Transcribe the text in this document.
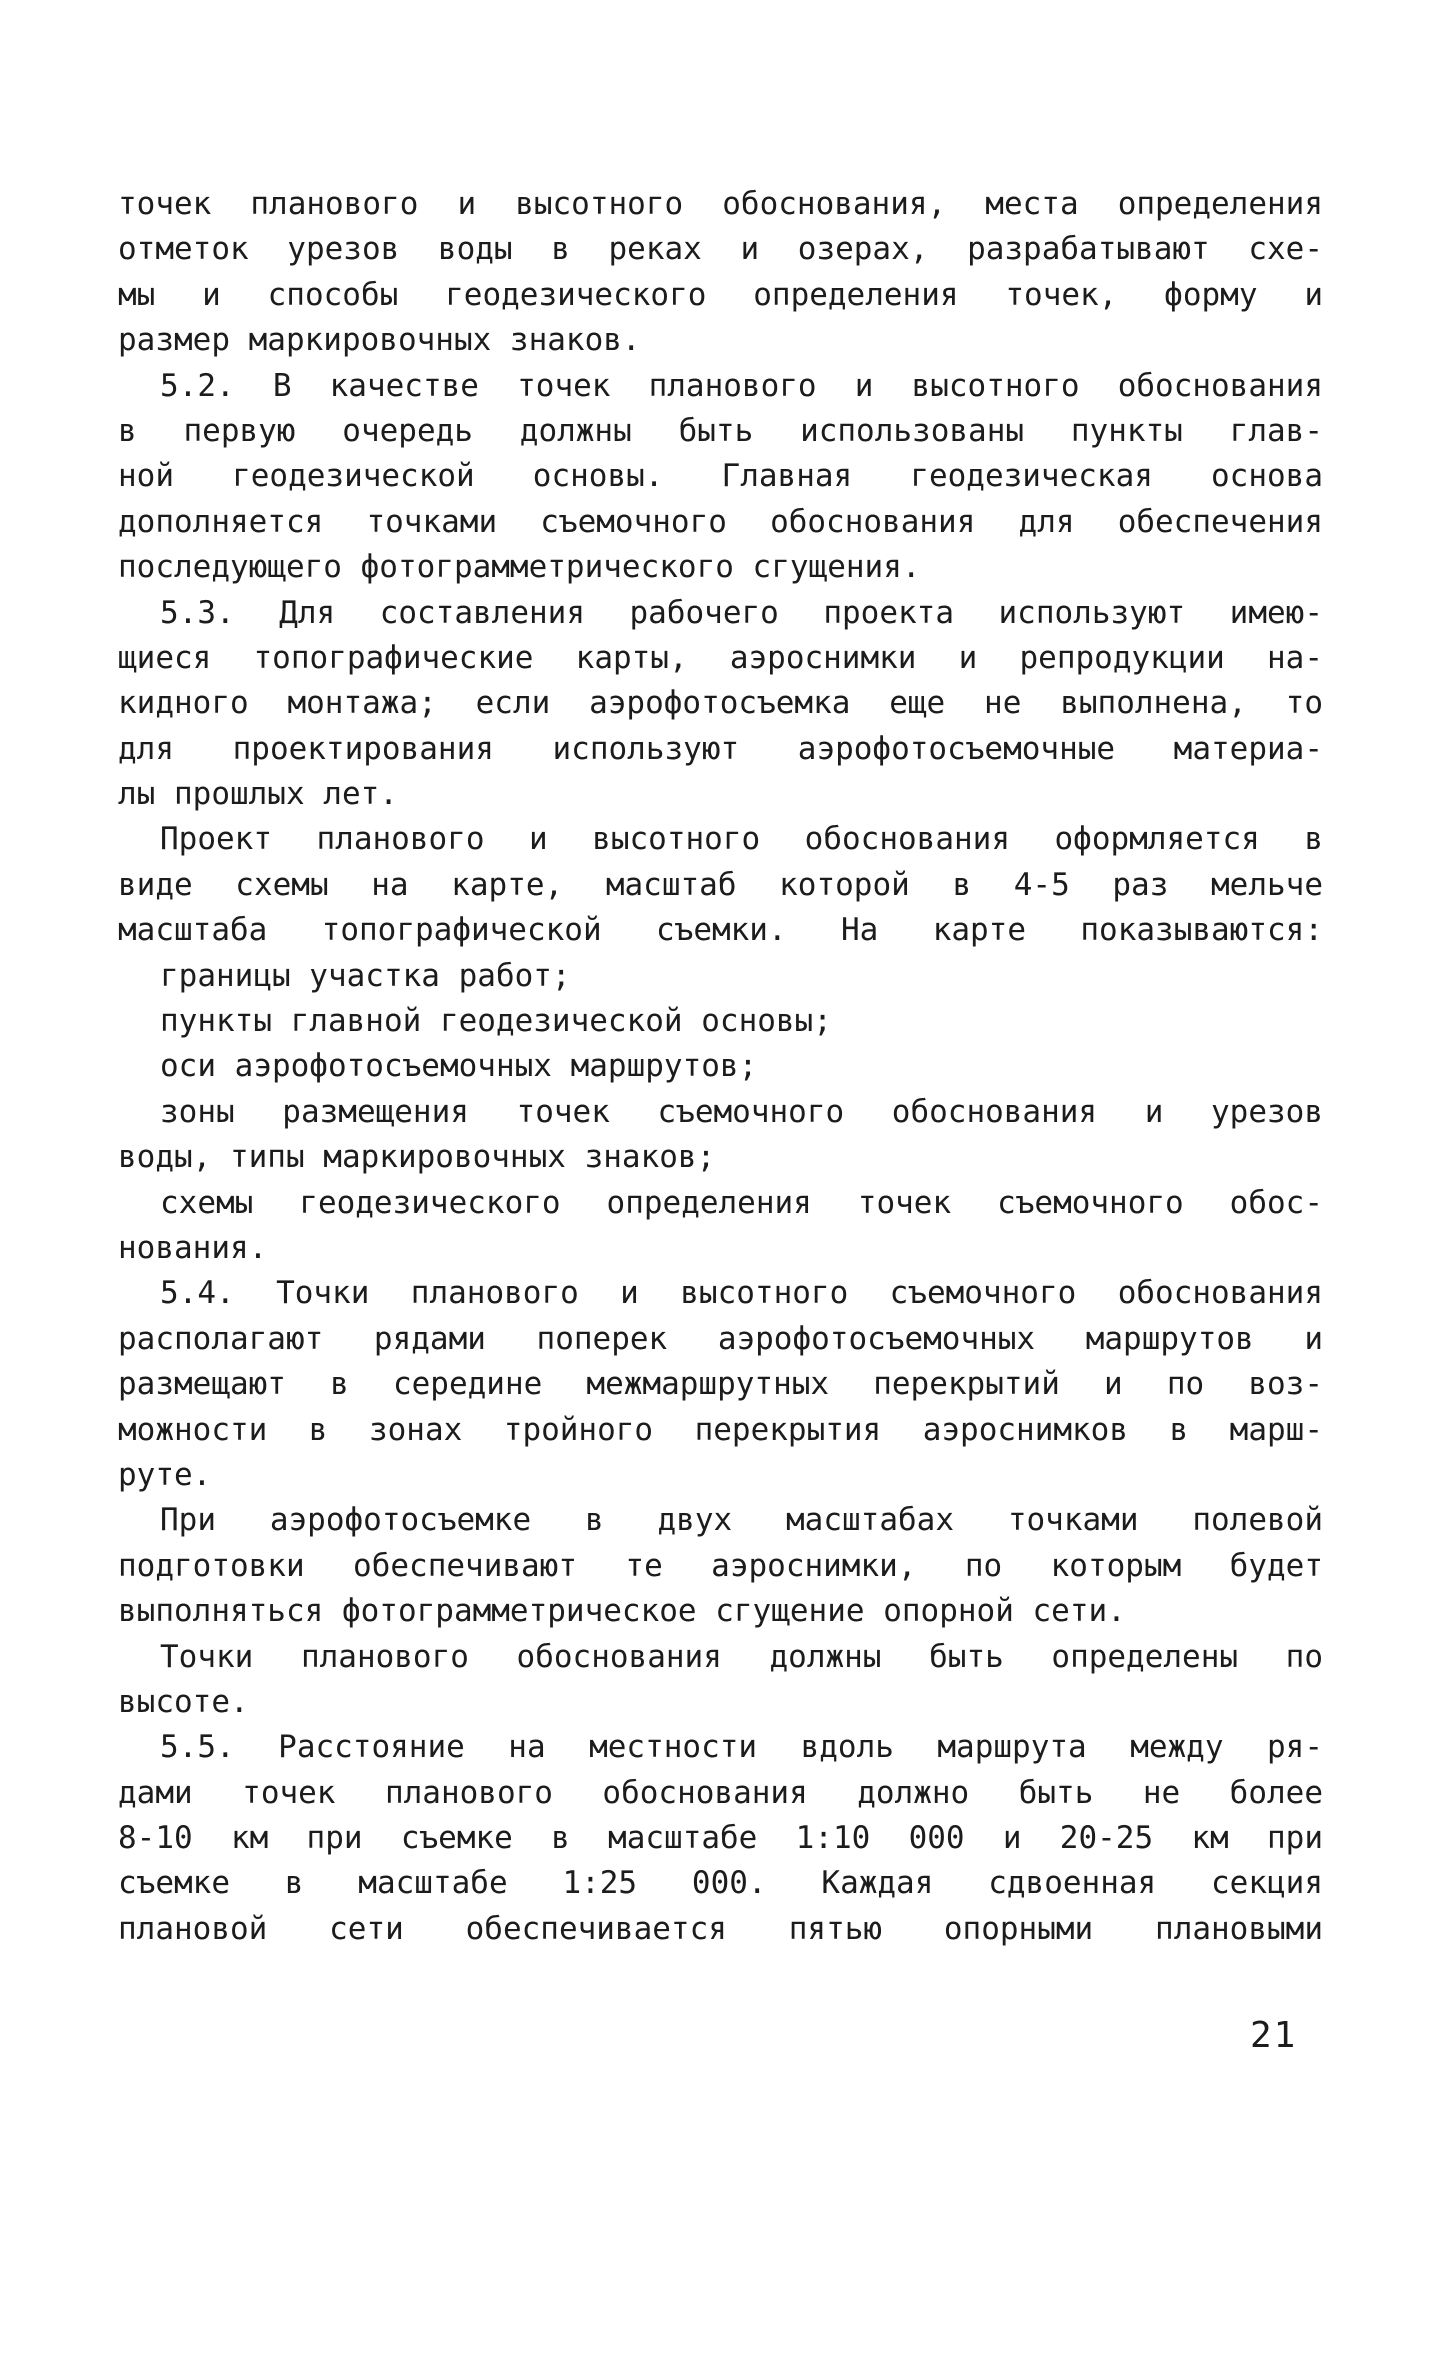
точек планового и высотного обоснования, места определения
отметок урезов воды в реках и озерах, разрабатывают схе-
мы и способы геодезического определения точек, форму и
размер маркировочных знаков.
5.2. В качестве точек планового и высотного обоснования
в первую очередь должны быть использованы пункты глав-
ной геодезической основы. Главная геодезическая основа
дополняется точками съемочного обоснования для обеспечения
последующего фотограмметрического сгущения.
5.3. Для составления рабочего проекта используют имею-
щиеся топографические карты, аэроснимки и репродукции на-
кидного монтажа; если аэрофотосъемка еще не выполнена, то
для проектирования используют аэрофотосъемочные материа-
лы прошлых лет.
Проект планового и высотного обоснования оформляется в
виде схемы на карте, масштаб которой в 4-5 раз мельче
масштаба топографической съемки. На карте показываются:
границы участка работ;
пункты главной геодезической основы;
оси аэрофотосъемочных маршрутов;
зоны размещения точек съемочного обоснования и урезов
воды, типы маркировочных знаков;
схемы геодезического определения точек съемочного обос-
нования.
5.4. Точки планового и высотного съемочного обоснования
располагают рядами поперек аэрофотосъемочных маршрутов и
размещают в середине межмаршрутных перекрытий и по воз-
можности в зонах тройного перекрытия аэроснимков в марш-
руте.
При аэрофотосъемке в двух масштабах точками полевой
подготовки обеспечивают те аэроснимки, по которым будет
выполняться фотограмметрическое сгущение опорной сети.
Точки планового обоснования должны быть определены по
высоте.
5.5. Расстояние на местности вдоль маршрута между ря-
дами точек планового обоснования должно быть не более
8-10 км при съемке в масштабе 1:10 000 и 20-25 км при
съемке в масштабе 1:25 000. Каждая сдвоенная секция
плановой сети обеспечивается пятью опорными плановыми
21
